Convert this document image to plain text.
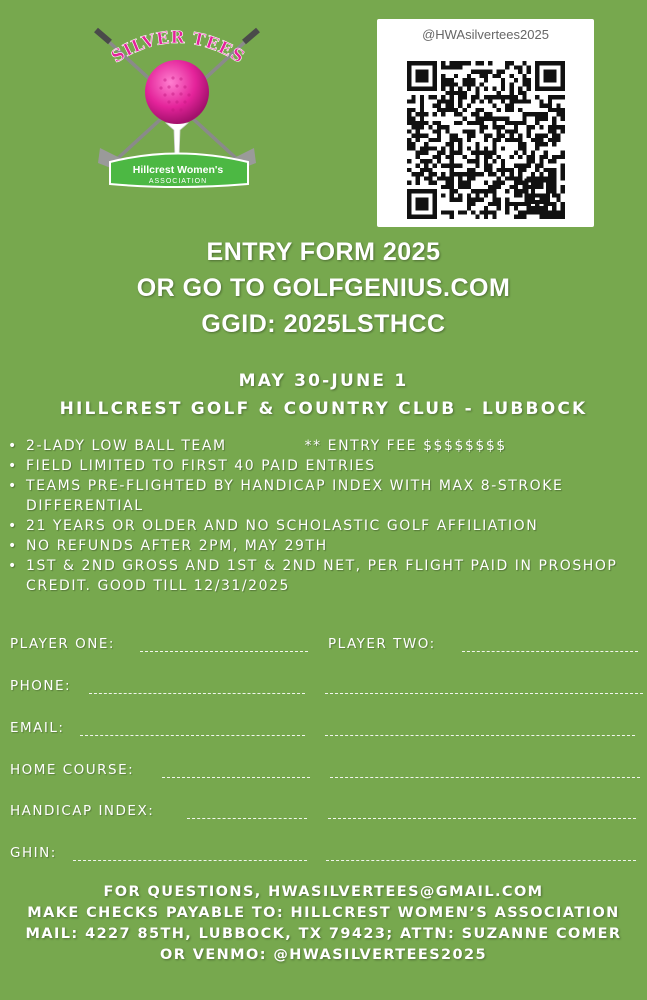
SILVER TEES
Hillcrest Women's
ASSOCIATION
@HWAsilvertees2025
ENTRY FORM 2025
OR GO TO GOLFGENIUS.COM
GGID: 2025LSTHCC
MAY 30-JUNE 1
HILLCREST GOLF & COUNTRY CLUB - LUBBOCK
• 2-LADY LOW BALL TEAM             ** ENTRY FEE $$$$$$$$
• FIELD LIMITED TO FIRST 40 PAID ENTRIES
• TEAMS PRE-FLIGHTED BY HANDICAP INDEX WITH MAX 8-STROKE DIFFERENTIAL
• 21 YEARS OR OLDER AND NO SCHOLASTIC GOLF AFFILIATION
• NO REFUNDS AFTER 2PM, MAY 29TH
• 1ST & 2ND GROSS AND 1ST & 2ND NET, PER FLIGHT PAID IN PROSHOP CREDIT. GOOD TILL 12/31/2025
PLAYER ONE:	PLAYER TWO:
PHONE:
EMAIL:
HOME COURSE:
HANDICAP INDEX:
GHIN:
FOR QUESTIONS, HWASILVERTEES@GMAIL.COM
MAKE CHECKS PAYABLE TO: HILLCREST WOMEN’S ASSOCIATION
MAIL: 4227 85TH, LUBBOCK, TX 79423; ATTN: SUZANNE COMER
OR VENMO: @HWASILVERTEES2025
